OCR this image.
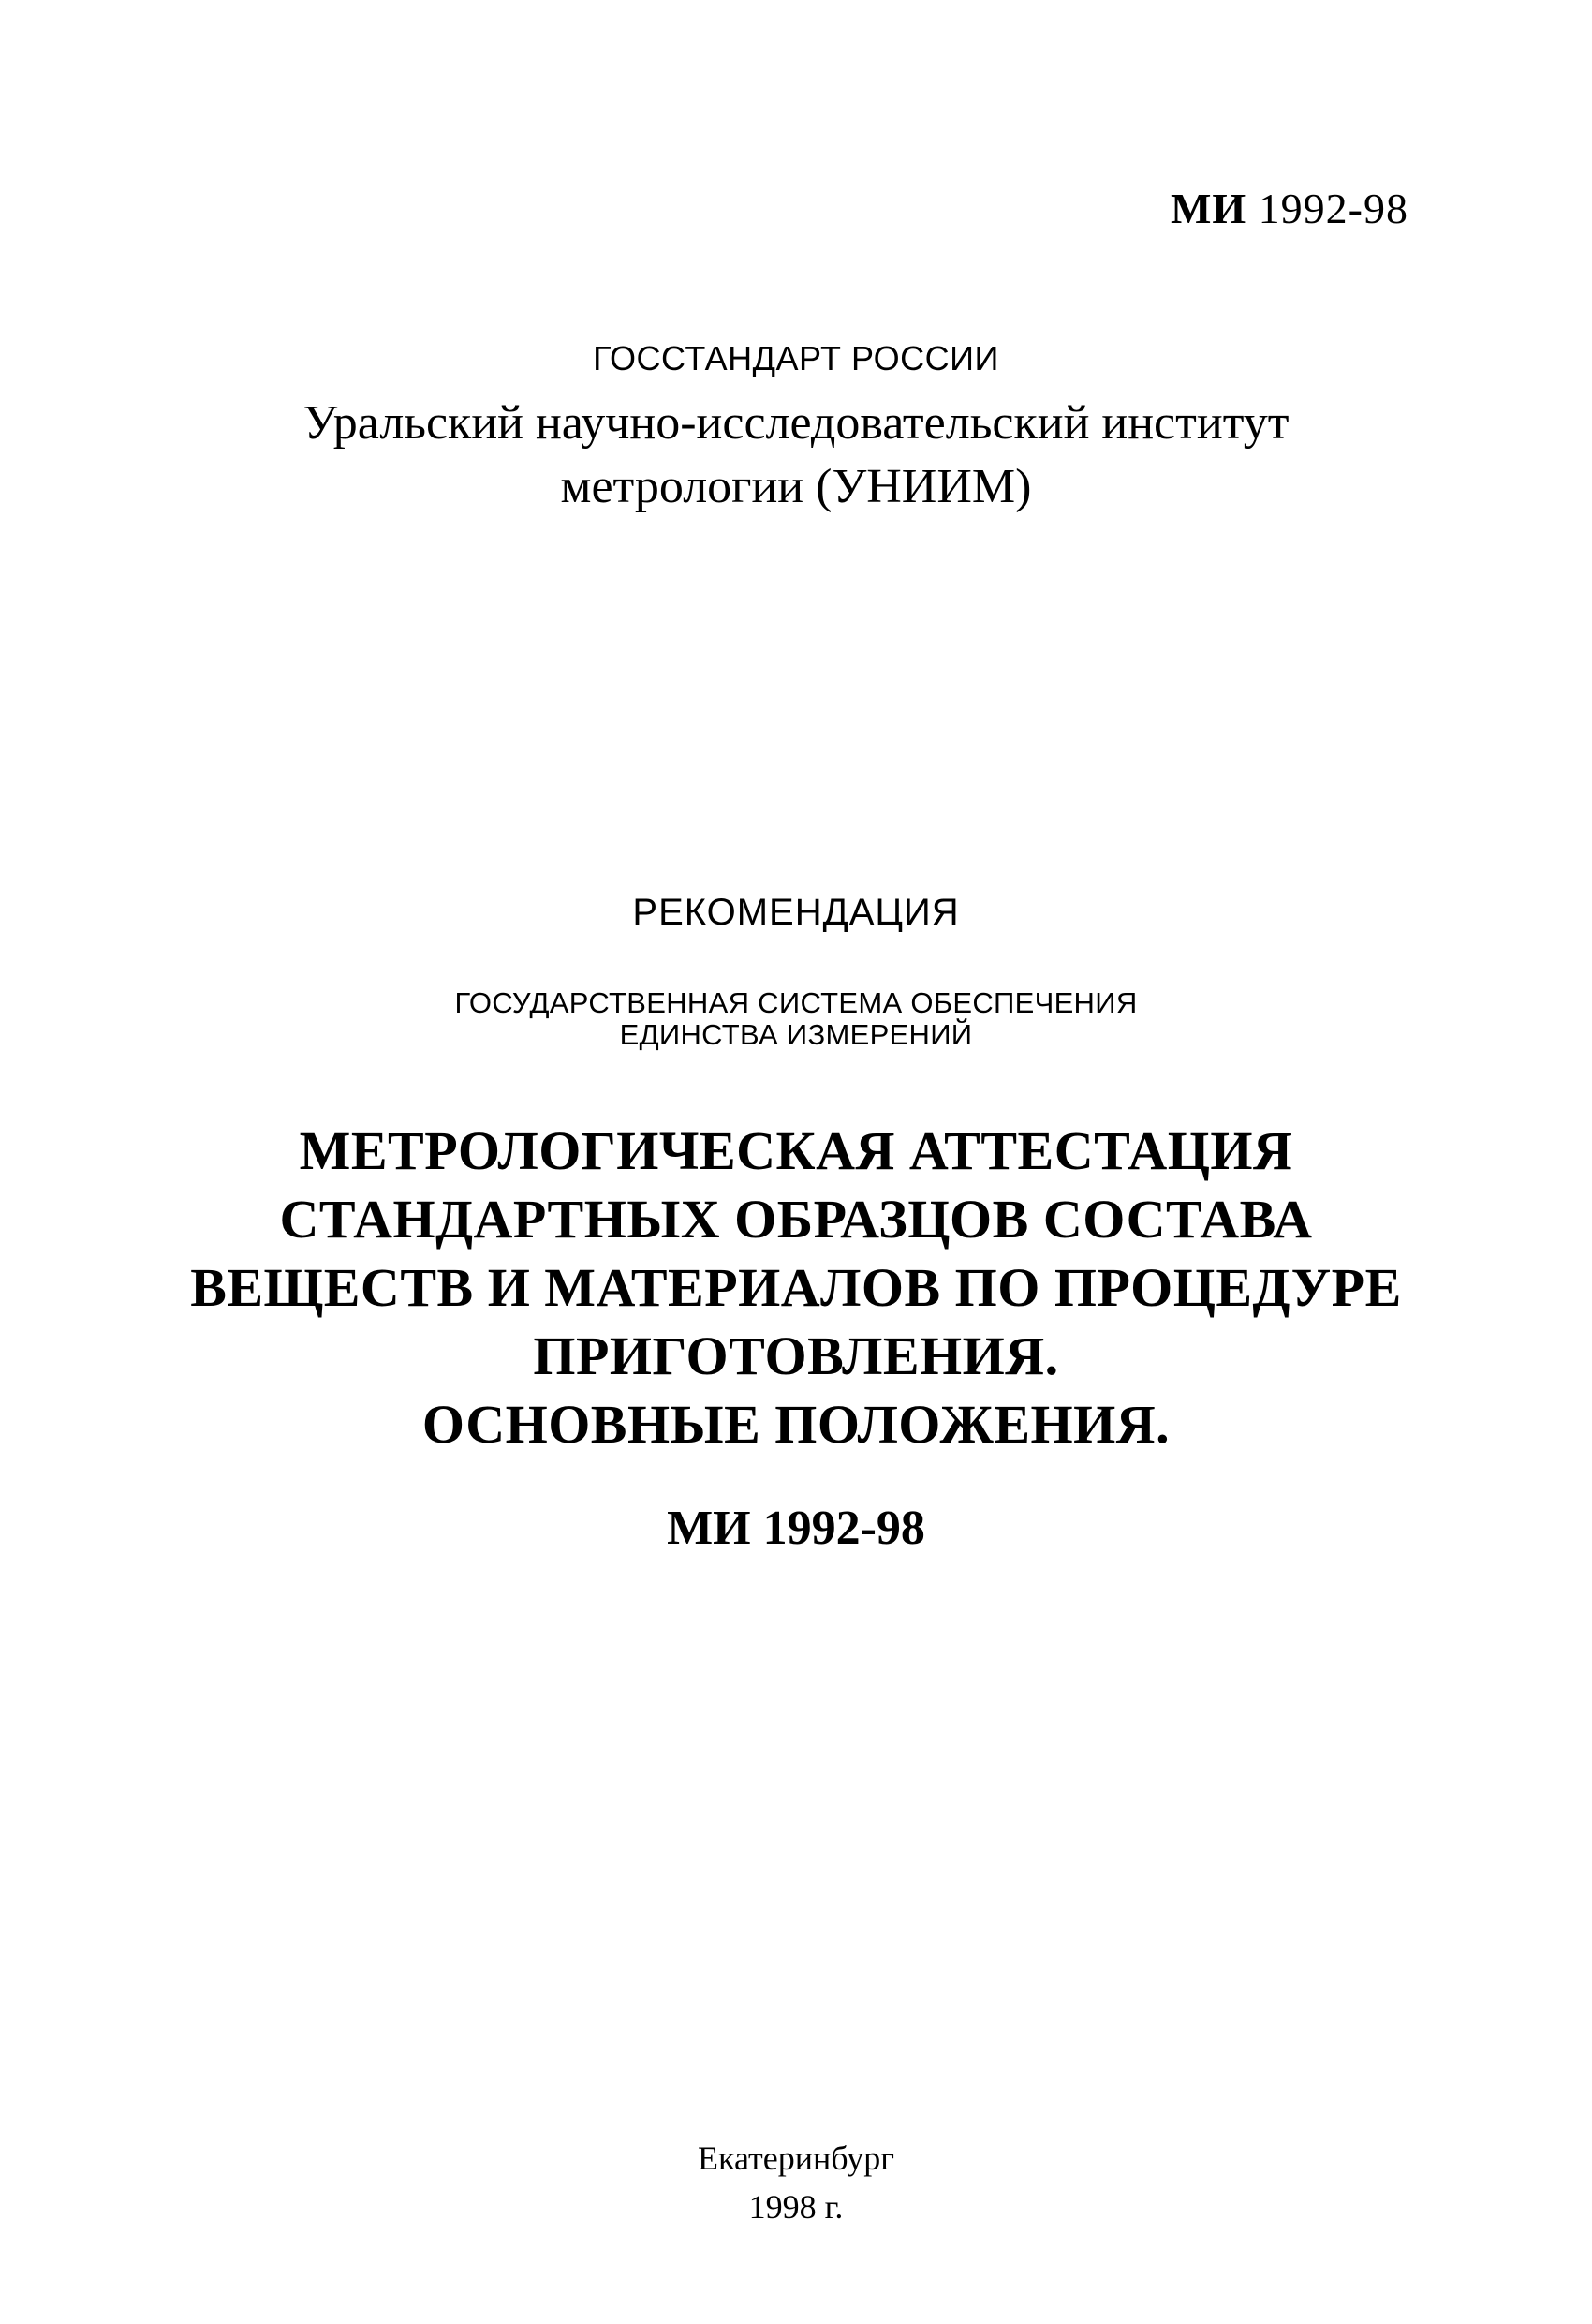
МИ 1992-98
ГОССТАНДАРТ РОССИИ
Уральский научно-исследовательский институт
метрологии (УНИИМ)
РЕКОМЕНДАЦИЯ
ГОСУДАРСТВЕННАЯ СИСТЕМА ОБЕСПЕЧЕНИЯ
ЕДИНСТВА ИЗМЕРЕНИЙ
МЕТРОЛОГИЧЕСКАЯ АТТЕСТАЦИЯ
СТАНДАРТНЫХ ОБРАЗЦОВ СОСТАВА
ВЕЩЕСТВ И МАТЕРИАЛОВ ПО ПРОЦЕДУРЕ
ПРИГОТОВЛЕНИЯ.
ОСНОВНЫЕ ПОЛОЖЕНИЯ.
МИ 1992-98
Екатеринбург
1998 г.
